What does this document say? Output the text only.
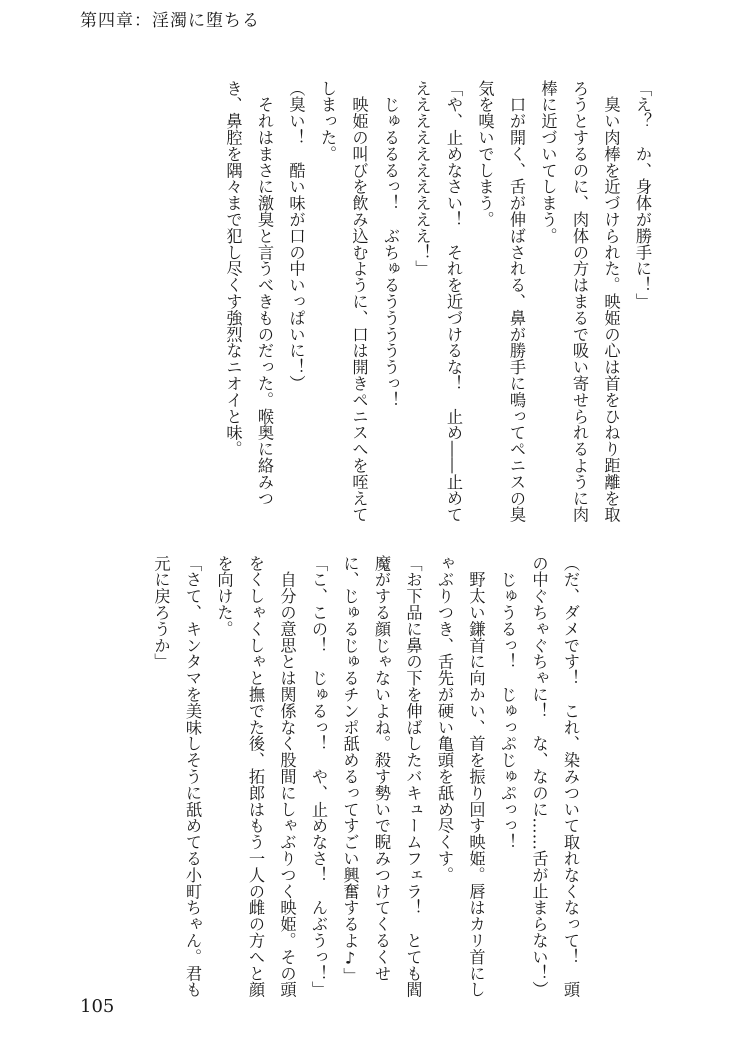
第四章：淫濁に堕ちる
「え？　か、身体が勝手に！」
　臭い肉棒を近づけられた。映姫の心は首をひねり距離を取
ろうとするのに、肉体の方はまるで吸い寄せられるように肉
棒に近づいてしまう。
　口が開く、舌が伸ばされる、鼻が勝手に鳴ってペニスの臭
気を嗅いでしまう。
「や、止めなさい！　それを近づけるな！　止め――止めて
ええええええええええ！」
　じゅるるるっ！　ぶちゅるうううううっ！
　映姫の叫びを飲み込むように、口は開きペニスへを咥えて
しまった。
（臭い！　酷い味が口の中いっぱいに！）
　それはまさに激臭と言うべきものだった。喉奥に絡みつ
き、鼻腔を隅々まで犯し尽くす強烈なニオイと味。
（だ、ダメです！　これ、染みついて取れなくなって！　頭
の中ぐちゃぐちゃに！　な、なのに……舌が止まらない！）
　じゅうるっ！　じゅっぷじゅぷっっ！
　野太い鎌首に向かい、首を振り回す映姫。唇はカリ首にし
ゃぶりつき、舌先が硬い亀頭を舐め尽くす。
「お下品に鼻の下を伸ばしたバキュームフェラ！　とても閻
魔がする顔じゃないよね。殺す勢いで睨みつけてくるくせ
に、じゅるじゅるチンポ舐めるってすごい興奮するよ♪」
「こ、この！　じゅるっ！　や、止めなさ！　んぶうっ！」
　自分の意思とは関係なく股間にしゃぶりつく映姫。その頭
をくしゃくしゃと撫でた後、拓郎はもう一人の雌の方へと顔
を向けた。
「さて、キンタマを美味しそうに舐めてる小町ちゃん。君も
元に戻ろうか」
105
